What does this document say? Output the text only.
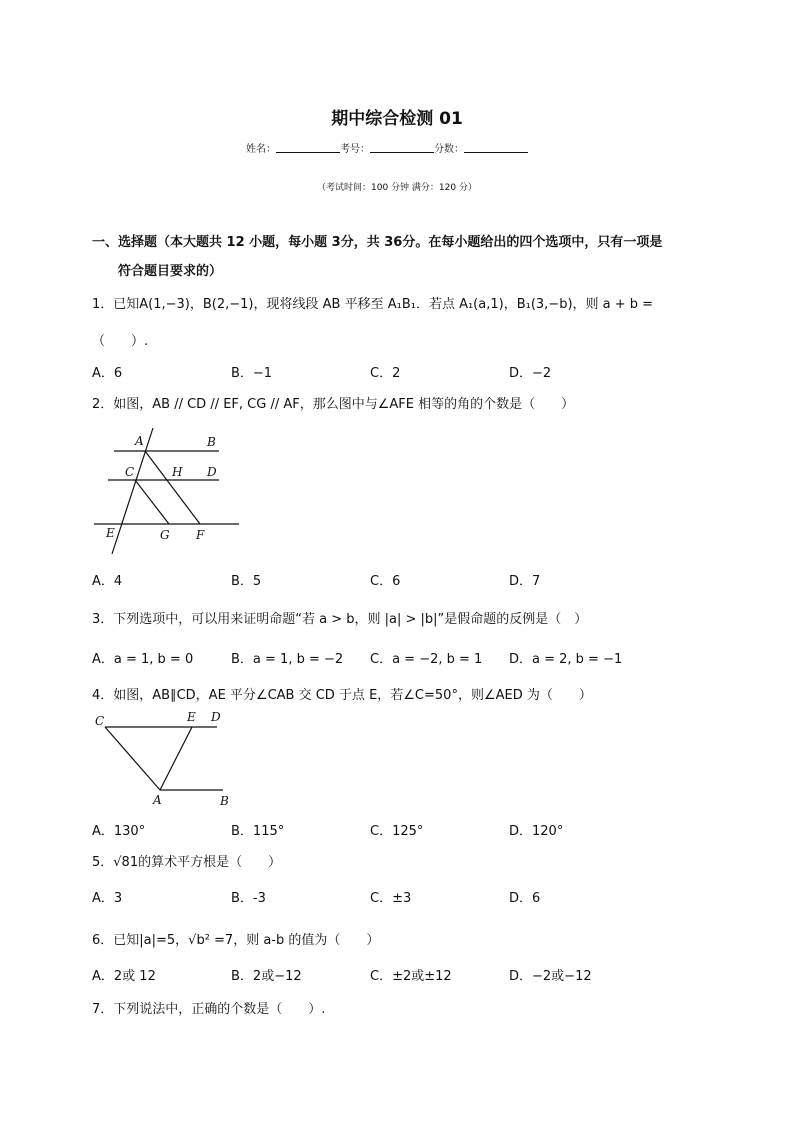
期中综合检测 01
姓名：	考号：	分数：
（考试时间：100 分钟 满分：120 分）
一、选择题（本大题共 12 小题，每小题 3分，共 36分。在每小题给出的四个选项中，只有一项是
符合题目要求的）
1．已知A(1,−3)，B(2,−1)，现将线段 AB 平移至 A₁B₁．若点 A₁(a,1)，B₁(3,−b)，则 a + b =
（　　）.
A．6	B．−1	C．2	D．−2
2．如图，AB // CD // EF, CG // AF，那么图中与∠AFE 相等的角的个数是（　　）
A	B
C	H D
E	G F
A．4	B．5	C．6	D．7
3．下列选项中，可以用来证明命题“若 a > b，则 |a| > |b|”是假命题的反例是（　）
A．a = 1, b = 0	B．a = 1, b = −2 C．a = −2, b = 1 D．a = 2, b = −1
4．如图，AB∥CD，AE 平分∠CAB 交 CD 于点 E，若∠C=50°，则∠AED 为（　　）
C	E D
A	B
A．130°	B．115°	C．125°	D．120°
5．√81的算术平方根是（　　）
A．3	B．-3	C．±3	D．6
6．已知|a|=5，√b² =7，则 a-b 的值为（　　）
A．2或 12	B．2或−12	C．±2或±12	D．−2或−12
7．下列说法中，正确的个数是（　　）.
